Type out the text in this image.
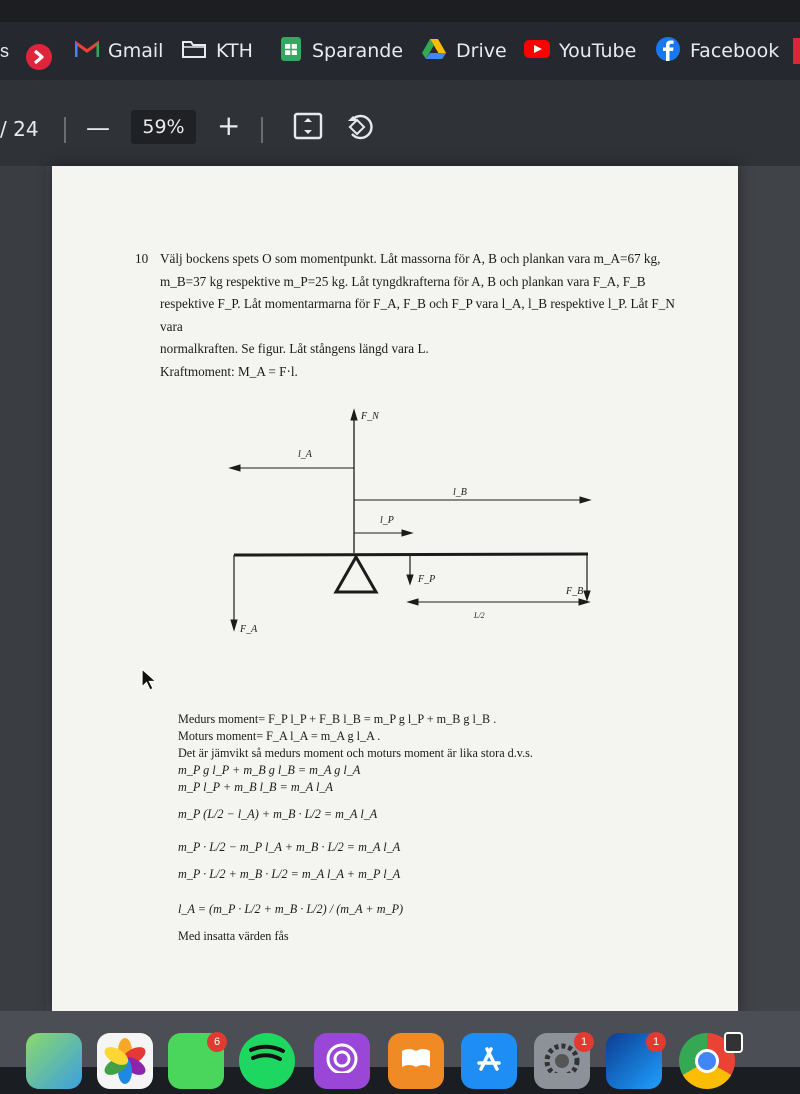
s	Gmail	KTH	Sparande	Drive	YouTube	Facebook
/ 24 —	59%	+
10 Välj bockens spets O som momentpunkt. Låt massorna för A, B och plankan vara m_A=67 kg,
m_B=37 kg respektive m_P=25 kg. Låt tyngdkrafterna för A, B och plankan vara F_A, F_B
respektive F_P. Låt momentarmarna för F_A, F_B och F_P vara l_A, l_B respektive l_P. Låt F_N vara
normalkraften. Se figur. Låt stångens längd vara L.
Kraftmoment: M_A = F·l.
F_N
l_A
l_B
l_P
F_P
F_B
F_A
L/2
Medurs moment= F_P l_P + F_B l_B = m_P g l_P + m_B g l_B .
Moturs moment= F_A l_A = m_A g l_A .
Det är jämvikt så medurs moment och moturs moment är lika stora d.v.s.
m_P g l_P + m_B g l_B = m_A g l_A
m_P l_P + m_B l_B = m_A l_A
m_P (L/2 − l_A) + m_B · L/2 = m_A l_A
m_P · L/2 − m_P l_A + m_B · L/2 = m_A l_A
m_P · L/2 + m_B · L/2 = m_A l_A + m_P l_A
l_A = (m_P · L/2 + m_B · L/2) / (m_A + m_P)
Med insatta värden fås
6	1	1
